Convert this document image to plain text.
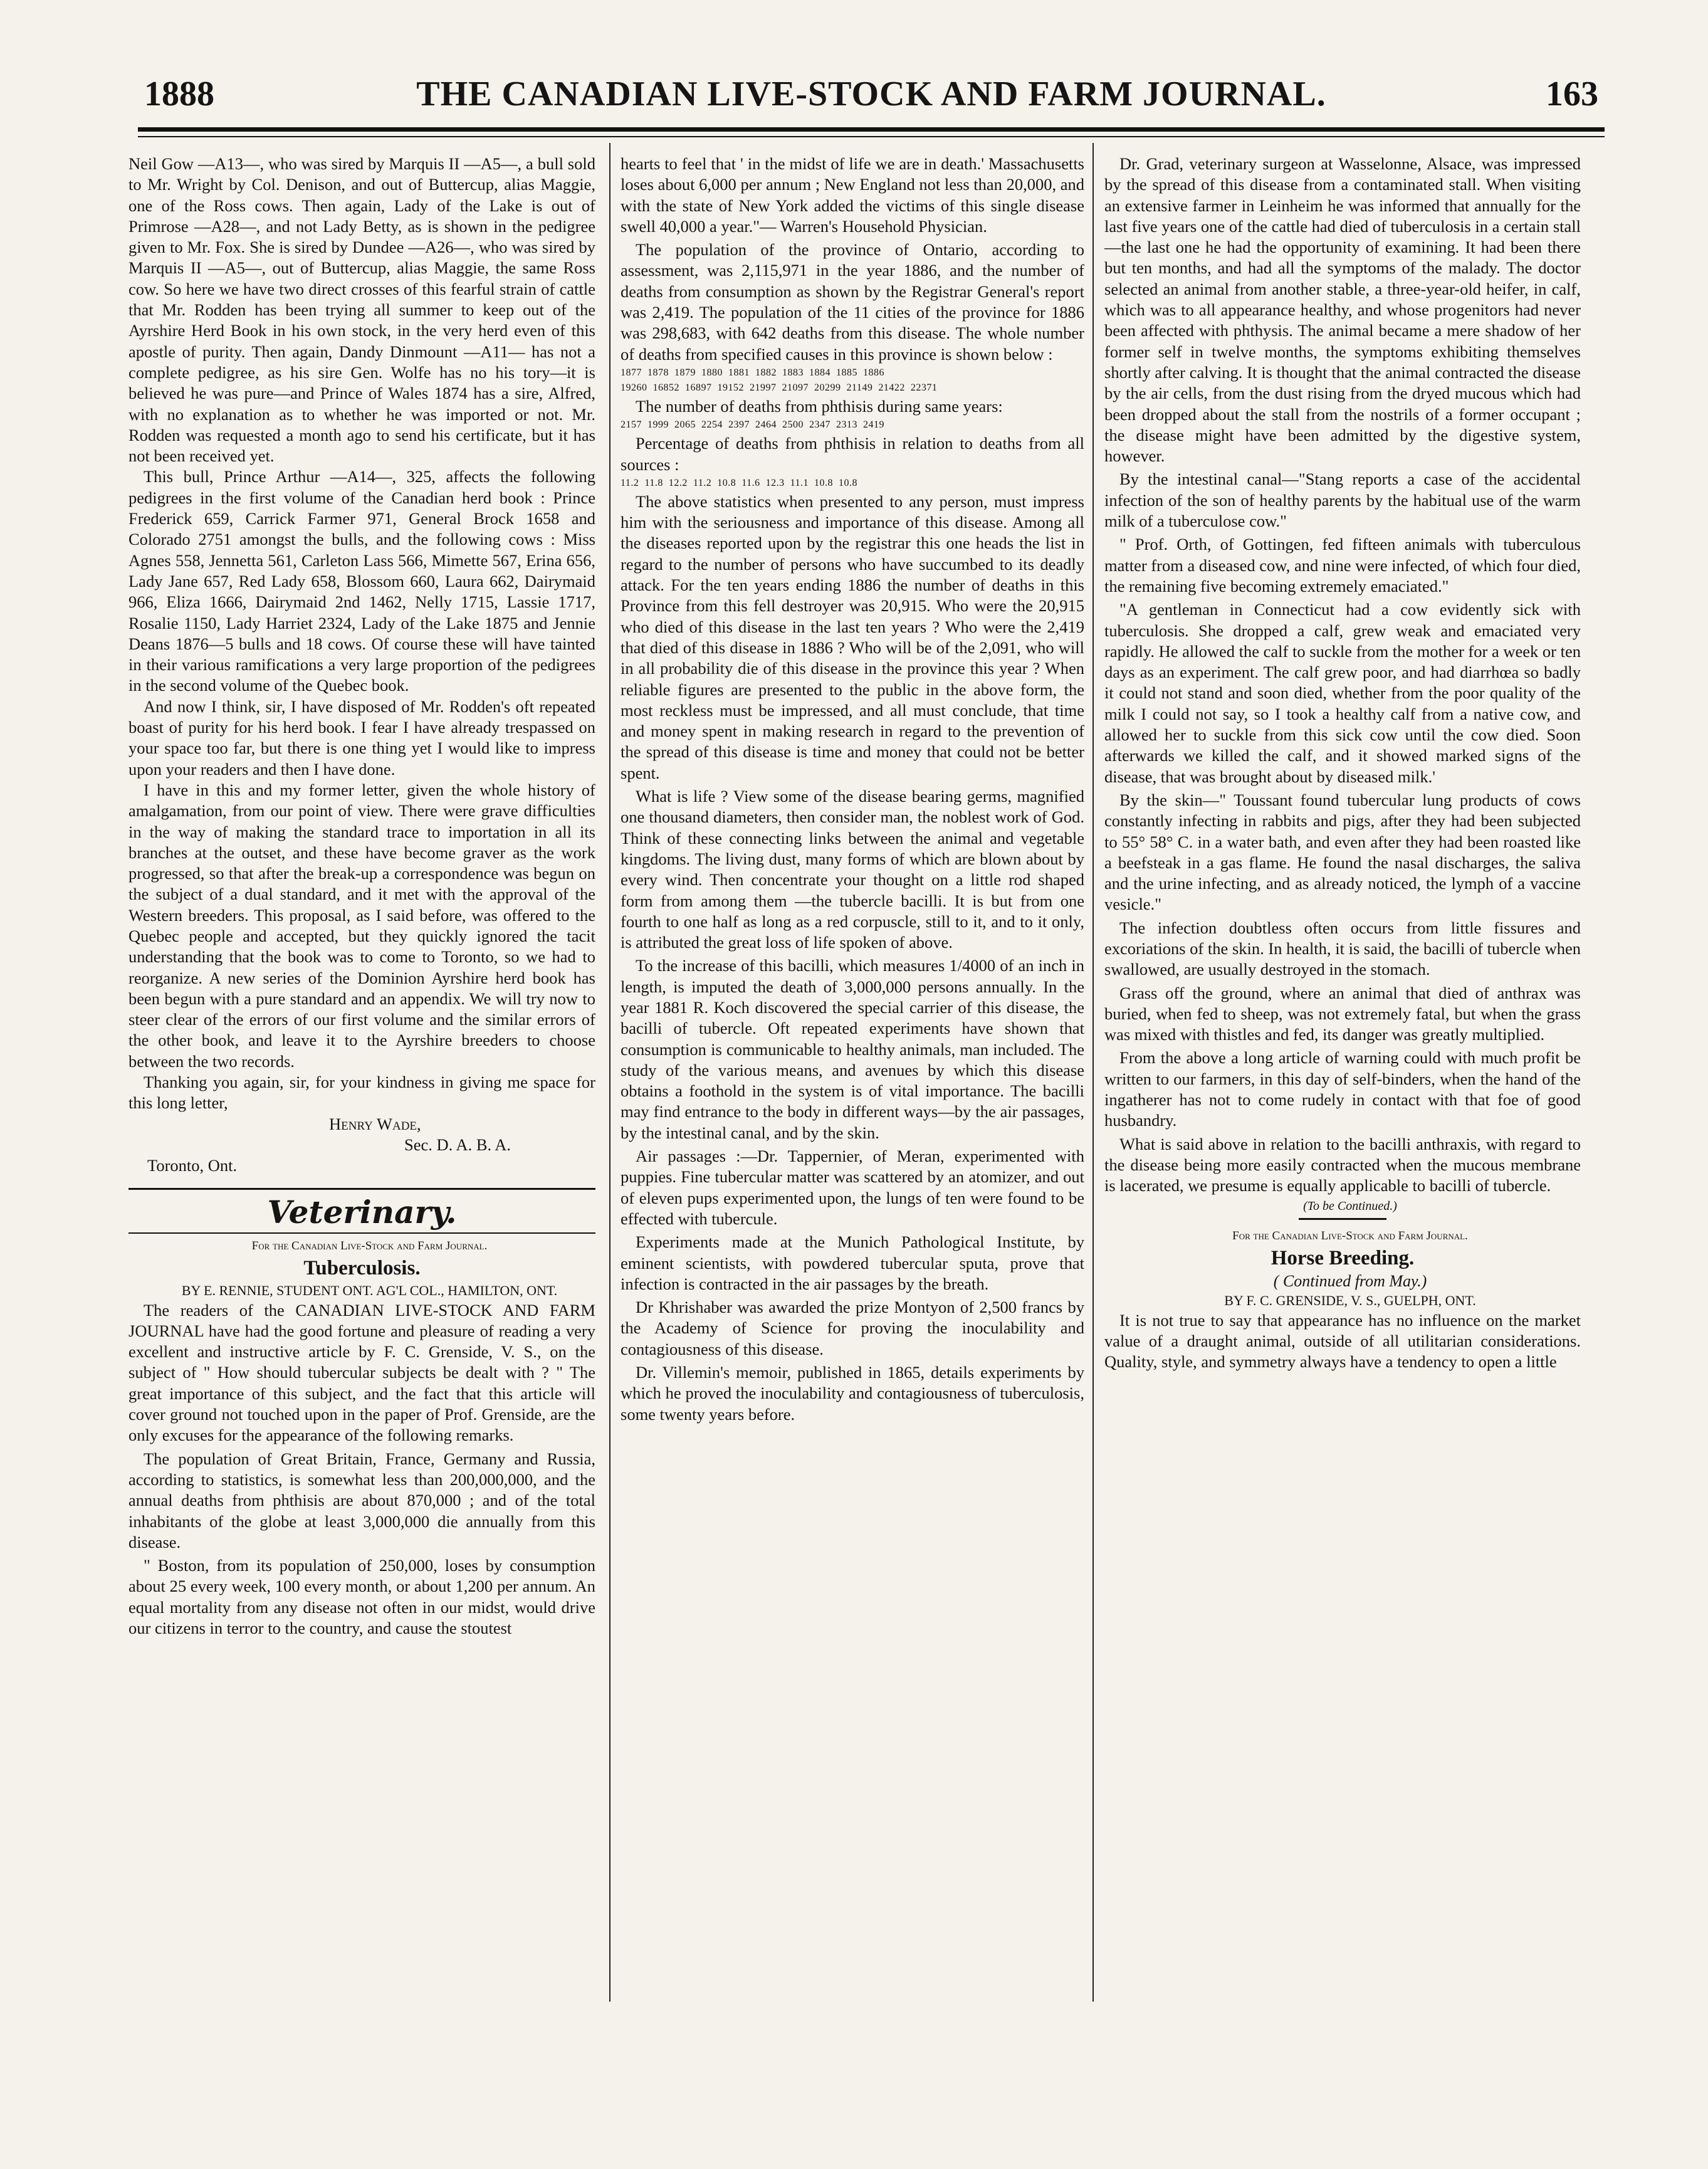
THE CANADIAN LIVE-STOCK AND FARM JOURNAL.
1888	163

Neil Gow —A13—, who was sired by Marquis II —A5—, a bull sold to Mr. Wright by Col. Denison, and out of Buttercup, alias Maggie, one of the Ross cows. Then again, Lady of the Lake is out of Primrose —A28—, and not Lady Betty, as is shown in the pedigree given to Mr. Fox. She is sired by Dundee —A26—, who was sired by Marquis II —A5—, out of Buttercup, alias Maggie, the same Ross cow. So here we have two direct crosses of this fearful strain of cattle that Mr. Rodden has been trying all summer to keep out of the Ayrshire Herd Book in his own stock, in the very herd even of this apostle of purity. Then again, Dandy Dinmount —A11— has not a complete pedigree, as his sire Gen. Wolfe has no his tory—it is believed he was pure—and Prince of Wales 1874 has a sire, Alfred, with no explanation as to whether he was imported or not. Mr. Rodden was requested a month ago to send his certificate, but it has not been received yet.

This bull, Prince Arthur —A14—, 325, affects the following pedigrees in the first volume of the Canadian herd book : Prince Frederick 659, Carrick Farmer 971, General Brock 1658 and Colorado 2751 amongst the bulls, and the following cows : Miss Agnes 558, Jennetta 561, Carleton Lass 566, Mimette 567, Erina 656, Lady Jane 657, Red Lady 658, Blossom 660, Laura 662, Dairymaid 966, Eliza 1666, Dairymaid 2nd 1462, Nelly 1715, Lassie 1717, Rosalie 1150, Lady Harriet 2324, Lady of the Lake 1875 and Jennie Deans 1876—5 bulls and 18 cows. Of course these will have tainted in their various ramifications a very large proportion of the pedigrees in the second volume of the Quebec book.

And now I think, sir, I have disposed of Mr. Rodden's oft repeated boast of purity for his herd book. I fear I have already trespassed on your space too far, but there is one thing yet I would like to impress upon your readers and then I have done.

I have in this and my former letter, given the whole history of amalgamation, from our point of view. There were grave difficulties in the way of making the standard trace to importation in all its branches at the outset, and these have become graver as the work progressed, so that after the break-up a correspondence was begun on the subject of a dual standard, and it met with the approval of the Western breeders. This proposal, as I said before, was offered to the Quebec people and accepted, but they quickly ignored the tacit understanding that the book was to come to Toronto, so we had to reorganize. A new series of the Dominion Ayrshire herd book has been begun with a pure standard and an appendix. We will try now to steer clear of the errors of our first volume and the similar errors of the other book, and leave it to the Ayrshire breeders to choose between the two records.

Thanking you again, sir, for your kindness in giving me space for this long letter,

Henry Wade,

Sec. D. A. B. A.

Toronto, Ont.

Veterinary.

For the Canadian Live-Stock and Farm Journal.

Tuberculosis.

BY E. RENNIE, STUDENT ONT. AG'L COL., HAMILTON, ONT.

The readers of the CANADIAN LIVE-STOCK AND FARM JOURNAL have had the good fortune and pleasure of reading a very excellent and instructive article by F. C. Grenside, V. S., on the subject of " How should tubercular subjects be dealt with ? " The great importance of this subject, and the fact that this article will cover ground not touched upon in the paper of Prof. Grenside, are the only excuses for the appearance of the following remarks.

The population of Great Britain, France, Germany and Russia, according to statistics, is somewhat less than 200,000,000, and the annual deaths from phthisis are about 870,000 ; and of the total inhabitants of the globe at least 3,000,000 die annually from this disease.

" Boston, from its population of 250,000, loses by consumption about 25 every week, 100 every month, or about 1,200 per annum. An equal mortality from any disease not often in our midst, would drive our citizens in terror to the country, and cause the stoutest

hearts to feel that ' in the midst of life we are in death.' Massachusetts loses about 6,000 per annum ; New England not less than 20,000, and with the state of New York added the victims of this single disease swell 40,000 a year."— Warren's Household Physician.

The population of the province of Ontario, according to assessment, was 2,115,971 in the year 1886, and the number of deaths from consumption as shown by the Registrar General's report was 2,419. The population of the 11 cities of the province for 1886 was 298,683, with 642 deaths from this disease. The whole number of deaths from specified causes in this province is shown below :

1877 1878 1879 1880 1881 1882 1883 1884 1885 1886
19260 16852 16897 19152 21997 21097 20299 21149 21422 22371

The number of deaths from phthisis during same years:

2157 1999 2065 2254 2397 2464 2500 2347 2313 2419

Percentage of deaths from phthisis in relation to deaths from all sources :

11.2 11.8 12.2 11.2 10.8 11.6 12.3 11.1 10.8 10.8

The above statistics when presented to any person, must impress him with the seriousness and importance of this disease. Among all the diseases reported upon by the registrar this one heads the list in regard to the number of persons who have succumbed to its deadly attack. For the ten years ending 1886 the number of deaths in this Province from this fell destroyer was 20,915. Who were the 20,915 who died of this disease in the last ten years ? Who were the 2,419 that died of this disease in 1886 ? Who will be of the 2,091, who will in all probability die of this disease in the province this year ? When reliable figures are presented to the public in the above form, the most reckless must be impressed, and all must conclude, that time and money spent in making research in regard to the prevention of the spread of this disease is time and money that could not be better spent.

What is life ? View some of the disease bearing germs, magnified one thousand diameters, then consider man, the noblest work of God. Think of these connecting links between the animal and vegetable kingdoms. The living dust, many forms of which are blown about by every wind. Then concentrate your thought on a little rod shaped form from among them —the tubercle bacilli. It is but from one fourth to one half as long as a red corpuscle, still to it, and to it only, is attributed the great loss of life spoken of above.

To the increase of this bacilli, which measures 1/4000 of an inch in length, is imputed the death of 3,000,000 persons annually. In the year 1881 R. Koch discovered the special carrier of this disease, the bacilli of tubercle. Oft repeated experiments have shown that consumption is communicable to healthy animals, man included. The study of the various means, and avenues by which this disease obtains a foothold in the system is of vital importance. The bacilli may find entrance to the body in different ways—by the air passages, by the intestinal canal, and by the skin.

Air passages :—Dr. Tappernier, of Meran, experimented with puppies. Fine tubercular matter was scattered by an atomizer, and out of eleven pups experimented upon, the lungs of ten were found to be effected with tubercule.

Experiments made at the Munich Pathological Institute, by eminent scientists, with powdered tubercular sputa, prove that infection is contracted in the air passages by the breath.

Dr Khrishaber was awarded the prize Montyon of 2,500 francs by the Academy of Science for proving the inoculability and contagiousness of this disease.

Dr. Villemin's memoir, published in 1865, details experiments by which he proved the inoculability and contagiousness of tuberculosis, some twenty years before.

Dr. Grad, veterinary surgeon at Wasselonne, Alsace, was impressed by the spread of this disease from a contaminated stall. When visiting an extensive farmer in Leinheim he was informed that annually for the last five years one of the cattle had died of tuberculosis in a certain stall—the last one he had the opportunity of examining. It had been there but ten months, and had all the symptoms of the malady. The doctor selected an animal from another stable, a three-year-old heifer, in calf, which was to all appearance healthy, and whose progenitors had never been affected with phthysis. The animal became a mere shadow of her former self in twelve months, the symptoms exhibiting themselves shortly after calving. It is thought that the animal contracted the disease by the air cells, from the dust rising from the dryed mucous which had been dropped about the stall from the nostrils of a former occupant ; the disease might have been admitted by the digestive system, however.

By the intestinal canal—"Stang reports a case of the accidental infection of the son of healthy parents by the habitual use of the warm milk of a tuberculose cow."

" Prof. Orth, of Gottingen, fed fifteen animals with tuberculous matter from a diseased cow, and nine were infected, of which four died, the remaining five becoming extremely emaciated."

"A gentleman in Connecticut had a cow evidently sick with tuberculosis. She dropped a calf, grew weak and emaciated very rapidly. He allowed the calf to suckle from the mother for a week or ten days as an experiment. The calf grew poor, and had diarrhœa so badly it could not stand and soon died, whether from the poor quality of the milk I could not say, so I took a healthy calf from a native cow, and allowed her to suckle from this sick cow until the cow died. Soon afterwards we killed the calf, and it showed marked signs of the disease, that was brought about by diseased milk.'

By the skin—" Toussant found tubercular lung products of cows constantly infecting in rabbits and pigs, after they had been subjected to 55° 58° C. in a water bath, and even after they had been roasted like a beefsteak in a gas flame. He found the nasal discharges, the saliva and the urine infecting, and as already noticed, the lymph of a vaccine vesicle."

The infection doubtless often occurs from little fissures and excoriations of the skin. In health, it is said, the bacilli of tubercle when swallowed, are usually destroyed in the stomach.

Grass off the ground, where an animal that died of anthrax was buried, when fed to sheep, was not extremely fatal, but when the grass was mixed with thistles and fed, its danger was greatly multiplied.

From the above a long article of warning could with much profit be written to our farmers, in this day of self-binders, when the hand of the ingatherer has not to come rudely in contact with that foe of good husbandry.

What is said above in relation to the bacilli anthraxis, with regard to the disease being more easily contracted when the mucous membrane is lacerated, we presume is equally applicable to bacilli of tubercle.

(To be Continued.)

For the Canadian Live-Stock and Farm Journal.

Horse Breeding.

( Continued from May.)

BY F. C. GRENSIDE, V. S., GUELPH, ONT.

It is not true to say that appearance has no influence on the market value of a draught animal, outside of all utilitarian considerations. Quality, style, and symmetry always have a tendency to open a little
